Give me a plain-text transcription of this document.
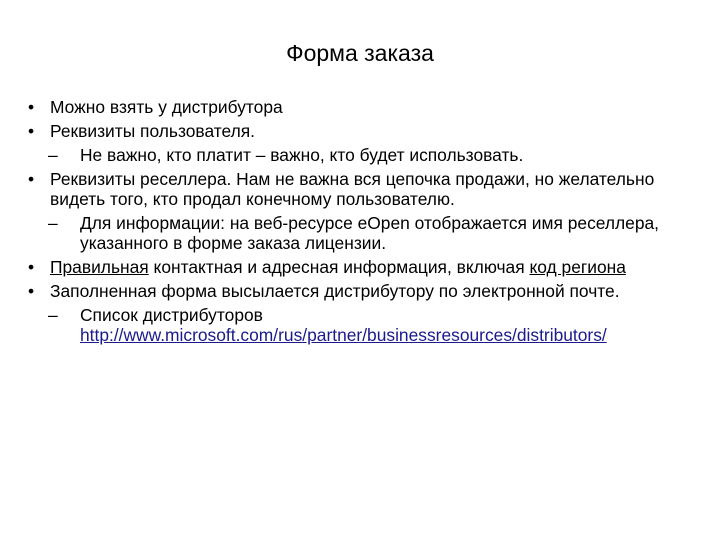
Форма заказа
• Можно взять у дистрибутора
• Реквизиты пользователя.
– Не важно, кто платит – важно, кто будет использовать.
• Реквизиты реселлера. Нам не важна вся цепочка продажи, но желательно видеть того, кто продал конечному пользователю.
– Для информации: на веб-ресурсе eOpen отображается имя реселлера, указанного в форме заказа лицензии.
• Правильная контактная и адресная информация, включая код региона
• Заполненная форма высылается дистрибутору по электронной почте.
– Список дистрибуторов
http://www.microsoft.com/rus/partner/businessresources/distributors/
